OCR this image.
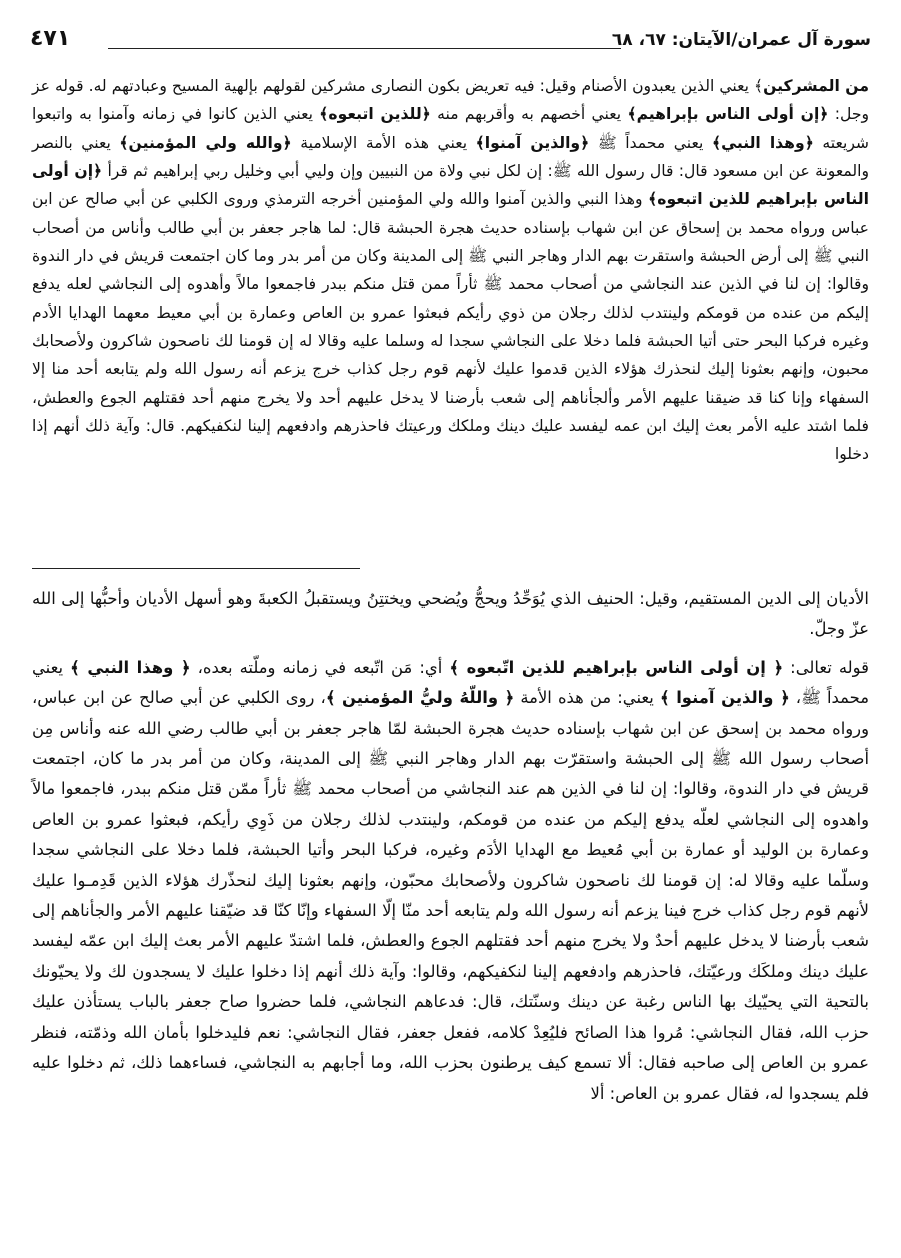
سورة آل عمران/الآيتان: ٦٧، ٦٨
٤٧١

من المشركين﴾ يعني الذين يعبدون الأصنام وقيل: فيه تعريض بكون النصارى مشركين لقولهم بإلهية المسيح وعبادتهم له. قوله عز وجل: ﴿إن أولى الناس بإبراهيم﴾ يعني أخصهم به وأقربهم منه ﴿للذين اتبعوه﴾ يعني الذين كانوا في زمانه وآمنوا به واتبعوا شريعته ﴿وهذا النبي﴾ يعني محمداً ﷺ ﴿والذين آمنوا﴾ يعني هذه الأمة الإسلامية ﴿والله ولي المؤمنين﴾ يعني بالنصر والمعونة عن ابن مسعود قال: قال رسول الله ﷺ: إن لكل نبي ولاة من النبيين وإن وليي أبي وخليل ربي إبراهيم ثم قرأ ﴿إن أولى الناس بإبراهيم للذين اتبعوه﴾ وهذا النبي والذين آمنوا والله ولي المؤمنين أخرجه الترمذي وروى الكلبي عن أبي صالح عن ابن عباس ورواه محمد بن إسحاق عن ابن شهاب بإسناده حديث هجرة الحبشة قال: لما هاجر جعفر بن أبي طالب وأناس من أصحاب النبي ﷺ إلى أرض الحبشة واستقرت بهم الدار وهاجر النبي ﷺ إلى المدينة وكان من أمر بدر وما كان اجتمعت قريش في دار الندوة وقالوا: إن لنا في الذين عند النجاشي من أصحاب محمد ﷺ ثأراً ممن قتل منكم ببدر فاجمعوا مالاً وأهدوه إلى النجاشي لعله يدفع إليكم من عنده من قومكم ولينتدب لذلك رجلان من ذوي رأيكم فبعثوا عمرو بن العاص وعمارة بن أبي معيط معهما الهدايا الأدم وغيره فركبا البحر حتى أتيا الحبشة فلما دخلا على النجاشي سجدا له وسلما عليه وقالا له إن قومنا لك ناصحون شاكرون ولأصحابك محبون، وإنهم بعثونا إليك لنحذرك هؤلاء الذين قدموا عليك لأنهم قوم رجل كذاب خرج يزعم أنه رسول الله ولم يتابعه أحد منا إلا السفهاء وإنا كنا قد ضيقنا عليهم الأمر وألجأناهم إلى شعب بأرضنا لا يدخل عليهم أحد ولا يخرج منهم أحد فقتلهم الجوع والعطش، فلما اشتد عليه الأمر بعث إليك ابن عمه ليفسد عليك دينك وملكك ورعيتك فاحذرهم وادفعهم إلينا لنكفيكهم. قال: وآية ذلك أنهم إذا دخلوا

الأديان إلى الدين المستقيم، وقيل: الحنيف الذي يُوَحِّدُ ويحجُّ ويُضحي ويختتِنُ ويستقبلُ الكعبةَ وهو أسهل الأديان وأحبُّها إلى الله عزّ وجلّ.

قوله تعالى: ﴿ إن أولى الناس بإبراهيم للذين اتّبعوه ﴾ أي: مَن اتّبعه في زمانه وملّته بعده، ﴿ وهذا النبي ﴾ يعني محمداً ﷺ، ﴿ والذين آمنوا ﴾ يعني: من هذه الأمة ﴿ واللّهُ وليُّ المؤمنين ﴾، روى الكلبي عن أبي صالح عن ابن عباس، ورواه محمد بن إسحق عن ابن شهاب بإسناده حديث هجرة الحبشة لمّا هاجر جعفر بن أبي طالب رضي الله عنه وأناس مِن أصحاب رسول الله ﷺ إلى الحبشة واستقرّت بهم الدار وهاجر النبي ﷺ إلى المدينة، وكان من أمر بدر ما كان، اجتمعت قريش في دار الندوة، وقالوا: إن لنا في الذين هم عند النجاشي من أصحاب محمد ﷺ ثأراً ممّن قتل منكم ببدر، فاجمعوا مالاً واهدوه إلى النجاشي لعلّه يدفع إليكم من عنده من قومكم، ولينتدب لذلك رجلان من ذَوِي رأيكم، فبعثوا عمرو بن العاص وعمارة بن الوليد أو عمارة بن أبي مُعيط مع الهدايا الأدَم وغيره، فركبا البحر وأتيا الحبشة، فلما دخلا على النجاشي سجدا وسلّما عليه وقالا له: إن قومنا لك ناصحون شاكرون ولأصحابك محبّون، وإنهم بعثونا إليك لنحذّرك هؤلاء الذين قَدِمـوا عليك لأنهم قوم رجل كذاب خرج فينا يزعم أنه رسول الله ولم يتابعه أحد منّا إلّا السفهاء وإنّا كنّا قد ضيّقنا عليهم الأمر والجأناهم إلى شعب بأرضنا لا يدخل عليهم أحدٌ ولا يخرج منهم أحد فقتلهم الجوع والعطش، فلما اشتدّ عليهم الأمر بعث إليك ابن عمّه ليفسد عليك دينك وملكَك ورعيّتك، فاحذرهم وادفعهم إلينا لنكفيكهم، وقالوا: وآية ذلك أنهم إذا دخلوا عليك لا يسجدون لك ولا يحيّونك بالتحية التي يحيّيك بها الناس رغبة عن دينك وسنّتك، قال: فدعاهم النجاشي، فلما حضروا صاح جعفر بالباب يستأذن عليك حزب الله، فقال النجاشي: مُروا هذا الصائح فليُعِدْ كلامه، ففعل جعفر، فقال النجاشي: نعم فليدخلوا بأمان الله وذمّته، فنظر عمرو بن العاص إلى صاحبه فقال: ألا تسمع كيف يرطنون بحزب الله، وما أجابهم به النجاشي، فساءهما ذلك، ثم دخلوا عليه فلم يسجدوا له، فقال عمرو بن العاص: ألا
